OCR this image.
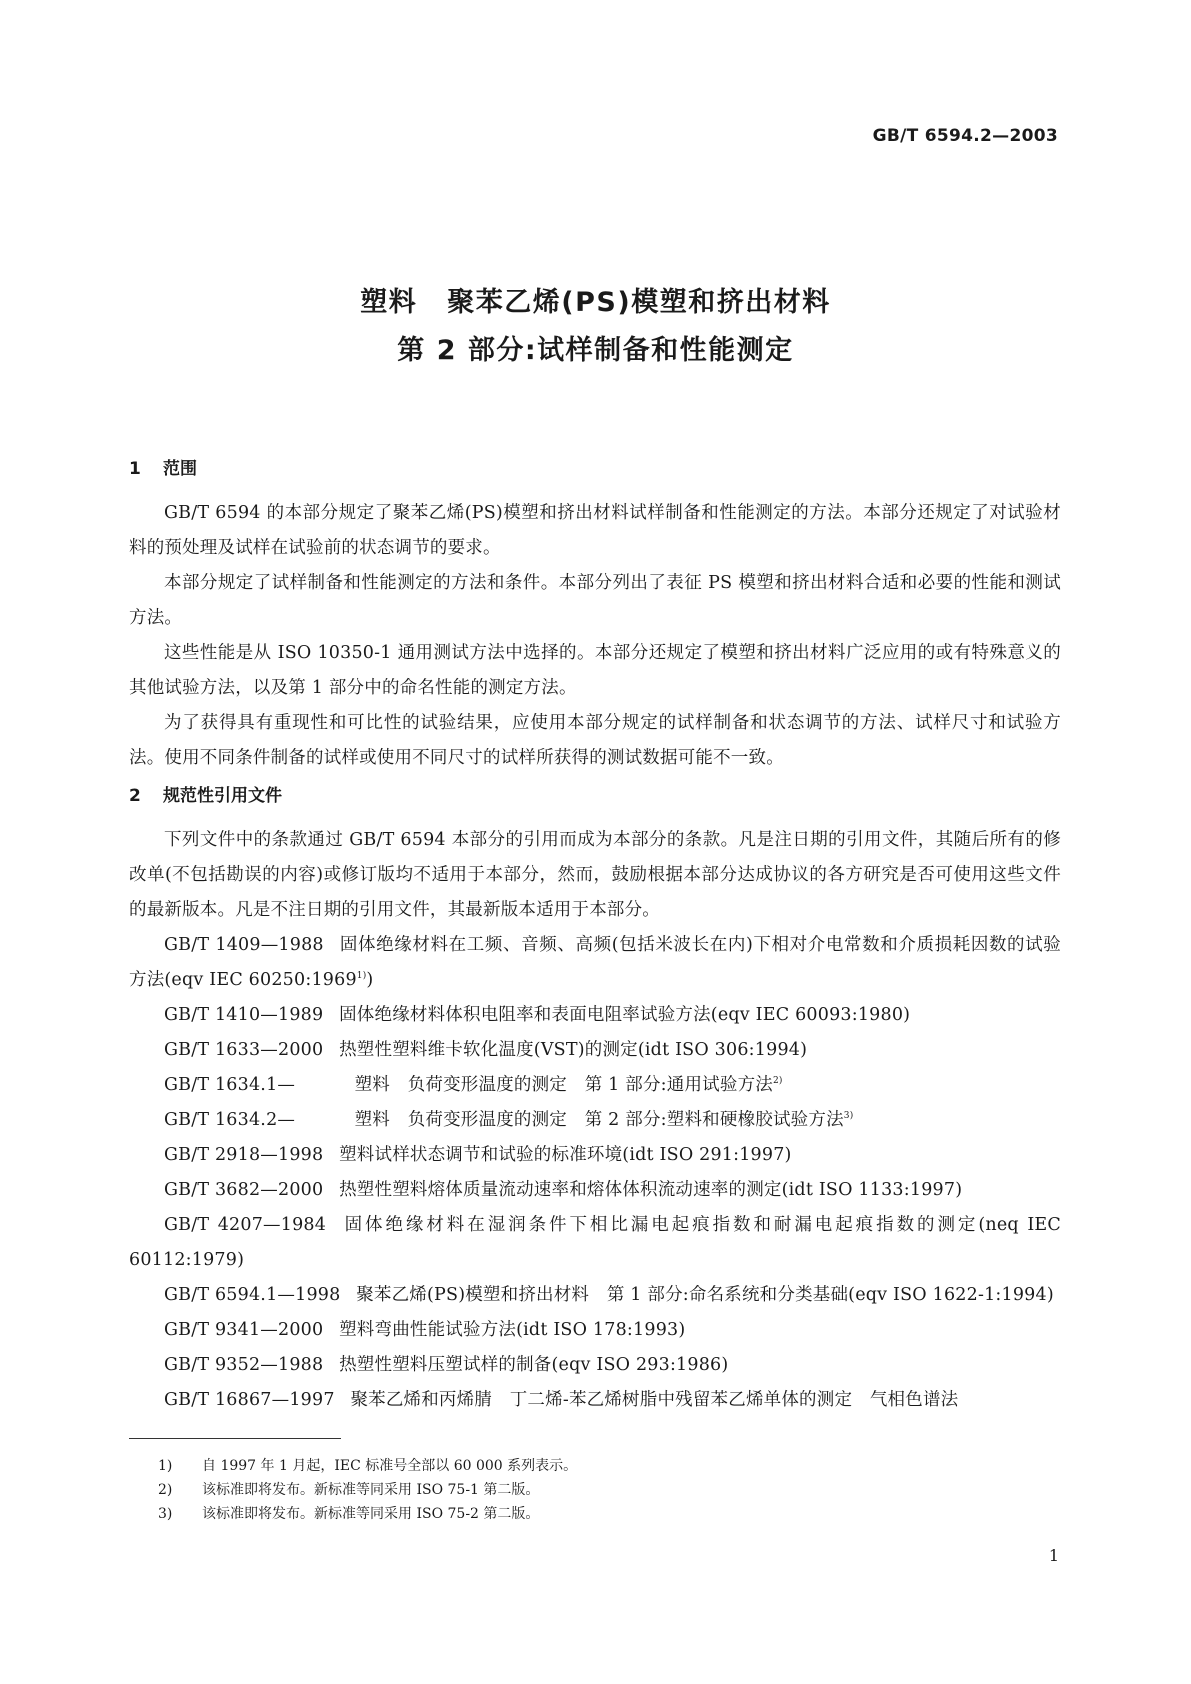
GB/T 6594.2—2003
塑料 聚苯乙烯(PS)模塑和挤出材料
第 2 部分:试样制备和性能测定
1 范围

GB/T 6594 的本部分规定了聚苯乙烯(PS)模塑和挤出材料试样制备和性能测定的方法。本部分还规定了对试验材料的预处理及试样在试验前的状态调节的要求。

本部分规定了试样制备和性能测定的方法和条件。本部分列出了表征 PS 模塑和挤出材料合适和必要的性能和测试方法。

这些性能是从 ISO 10350-1 通用测试方法中选择的。本部分还规定了模塑和挤出材料广泛应用的或有特殊意义的其他试验方法，以及第 1 部分中的命名性能的测定方法。

为了获得具有重现性和可比性的试验结果，应使用本部分规定的试样制备和状态调节的方法、试样尺寸和试验方法。使用不同条件制备的试样或使用不同尺寸的试样所获得的测试数据可能不一致。

2 规范性引用文件

下列文件中的条款通过 GB/T 6594 本部分的引用而成为本部分的条款。凡是注日期的引用文件，其随后所有的修改单(不包括勘误的内容)或修订版均不适用于本部分，然而，鼓励根据本部分达成协议的各方研究是否可使用这些文件的最新版本。凡是不注日期的引用文件，其最新版本适用于本部分。

GB/T 1409—1988 固体绝缘材料在工频、音频、高频(包括米波长在内)下相对介电常数和介质损耗因数的试验方法(eqv IEC 60250:1969$^{1)}$)

GB/T 1410—1989 固体绝缘材料体积电阻率和表面电阻率试验方法(eqv IEC 60093:1980)

GB/T 1633—2000 热塑性塑料维卡软化温度(VST)的测定(idt ISO 306:1994)

GB/T 1634.1—	塑料　负荷变形温度的测定　第 1 部分:通用试验方法$^{2)}$

GB/T 1634.2—	塑料　负荷变形温度的测定　第 2 部分:塑料和硬橡胶试验方法$^{3)}$

GB/T 2918—1998 塑料试样状态调节和试验的标准环境(idt ISO 291:1997)

GB/T 3682—2000 热塑性塑料熔体质量流动速率和熔体体积流动速率的测定(idt ISO 1133:1997)

GB/T 4207—1984 固体绝缘材料在湿润条件下相比漏电起痕指数和耐漏电起痕指数的测定(neq IEC 60112:1979)

GB/T 6594.1—1998 聚苯乙烯(PS)模塑和挤出材料　第 1 部分:命名系统和分类基础(eqv ISO 1622-1:1994)

GB/T 9341—2000 塑料弯曲性能试验方法(idt ISO 178:1993)

GB/T 9352—1988 热塑性塑料压塑试样的制备(eqv ISO 293:1986)

GB/T 16867—1997 聚苯乙烯和丙烯腈　丁二烯-苯乙烯树脂中残留苯乙烯单体的测定　气相色谱法

1) 自 1997 年 1 月起，IEC 标准号全部以 60 000 系列表示。
2) 该标准即将发布。新标准等同采用 ISO 75-1 第二版。
3) 该标准即将发布。新标准等同采用 ISO 75-2 第二版。
1
